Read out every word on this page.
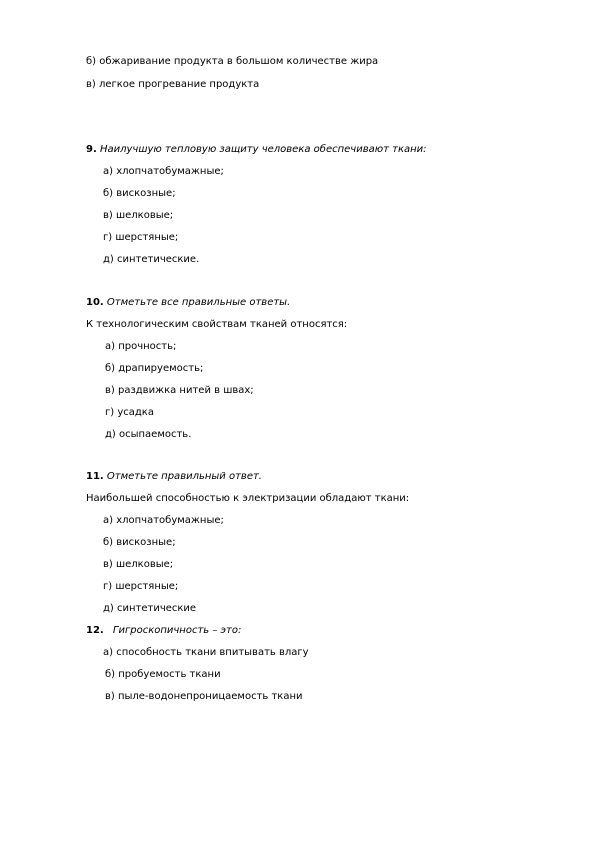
б) обжаривание продукта в большом количестве жира
в) легкое прогревание продукта
9. Наилучшую тепловую защиту человека обеспечивают ткани:
а) хлопчатобумажные;
б) вискозные;
в) шелковые;
г) шерстяные;
д) синтетические.
10. Отметьте все правильные ответы.
К технологическим свойствам тканей относятся:
а) прочность;
б) драпируемость;
в) раздвижка нитей в швах;
г) усадка
д) осыпаемость.
11. Отметьте правильный ответ.
Наибольшей способностью к электризации обладают ткани:
а) хлопчатобумажные;
б) вискозные;
в) шелковые;
г) шерстяные;
д) синтетические
12. Гигроскопичность – это:
а) способность ткани впитывать влагу
б) пробуемость ткани
в) пыле-водонепроницаемость ткани
